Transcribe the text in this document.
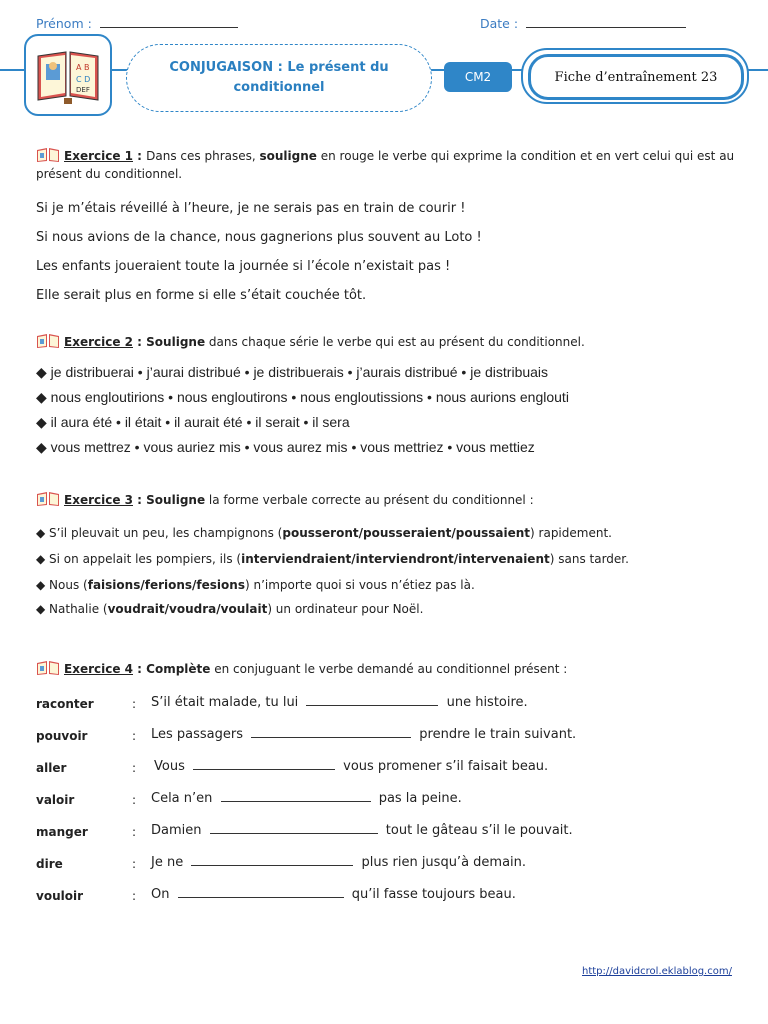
Prénom :	Date :
A B
C D
DEF
CONJUGAISON : Le présent du conditionnel
CM2	Fiche d’entraînement 23
Exercice 1 : Dans ces phrases, souligne en rouge le verbe qui exprime la condition et en vert celui qui est au
présent du conditionnel.
Si je m’étais réveillé à l’heure, je ne serais pas en train de courir !
Si nous avions de la chance, nous gagnerions plus souvent au Loto !
Les enfants joueraient toute la journée si l’école n’existait pas !
Elle serait plus en forme si elle s’était couchée tôt.
Exercice 2 : Souligne dans chaque série le verbe qui est au présent du conditionnel.
◆ je distribuerai • j’aurai distribué • je distribuerais • j’aurais distribué • je distribuais
◆ nous engloutirions • nous engloutirons • nous engloutissions • nous aurions englouti
◆ il aura été • il était • il aurait été • il serait • il sera
◆ vous mettrez • vous auriez mis • vous aurez mis • vous mettriez • vous mettiez
Exercice 3 : Souligne la forme verbale correcte au présent du conditionnel :
◆ S’il pleuvait un peu, les champignons (pousseront/pousseraient/poussaient) rapidement.
◆ Si on appelait les pompiers, ils (interviendraient/interviendront/intervenaient) sans tarder.
◆ Nous (faisions/ferions/fesions) n’importe quoi si vous n’étiez pas là.
◆ Nathalie (voudrait/voudra/voulait) un ordinateur pour Noël.
Exercice 4 : Complète en conjuguant le verbe demandé au conditionnel présent :
raconter	: S’il était malade, tu lui	une histoire.
pouvoir	: Les passagers	prendre le train suivant.
aller	: Vous	vous promener s’il faisait beau.
valoir	: Cela n’en	pas la peine.
manger	: Damien	tout le gâteau s’il le pouvait.
dire	: Je ne	plus rien jusqu’à demain.
vouloir	: On	qu’il fasse toujours beau.
http://davidcrol.eklablog.com/
